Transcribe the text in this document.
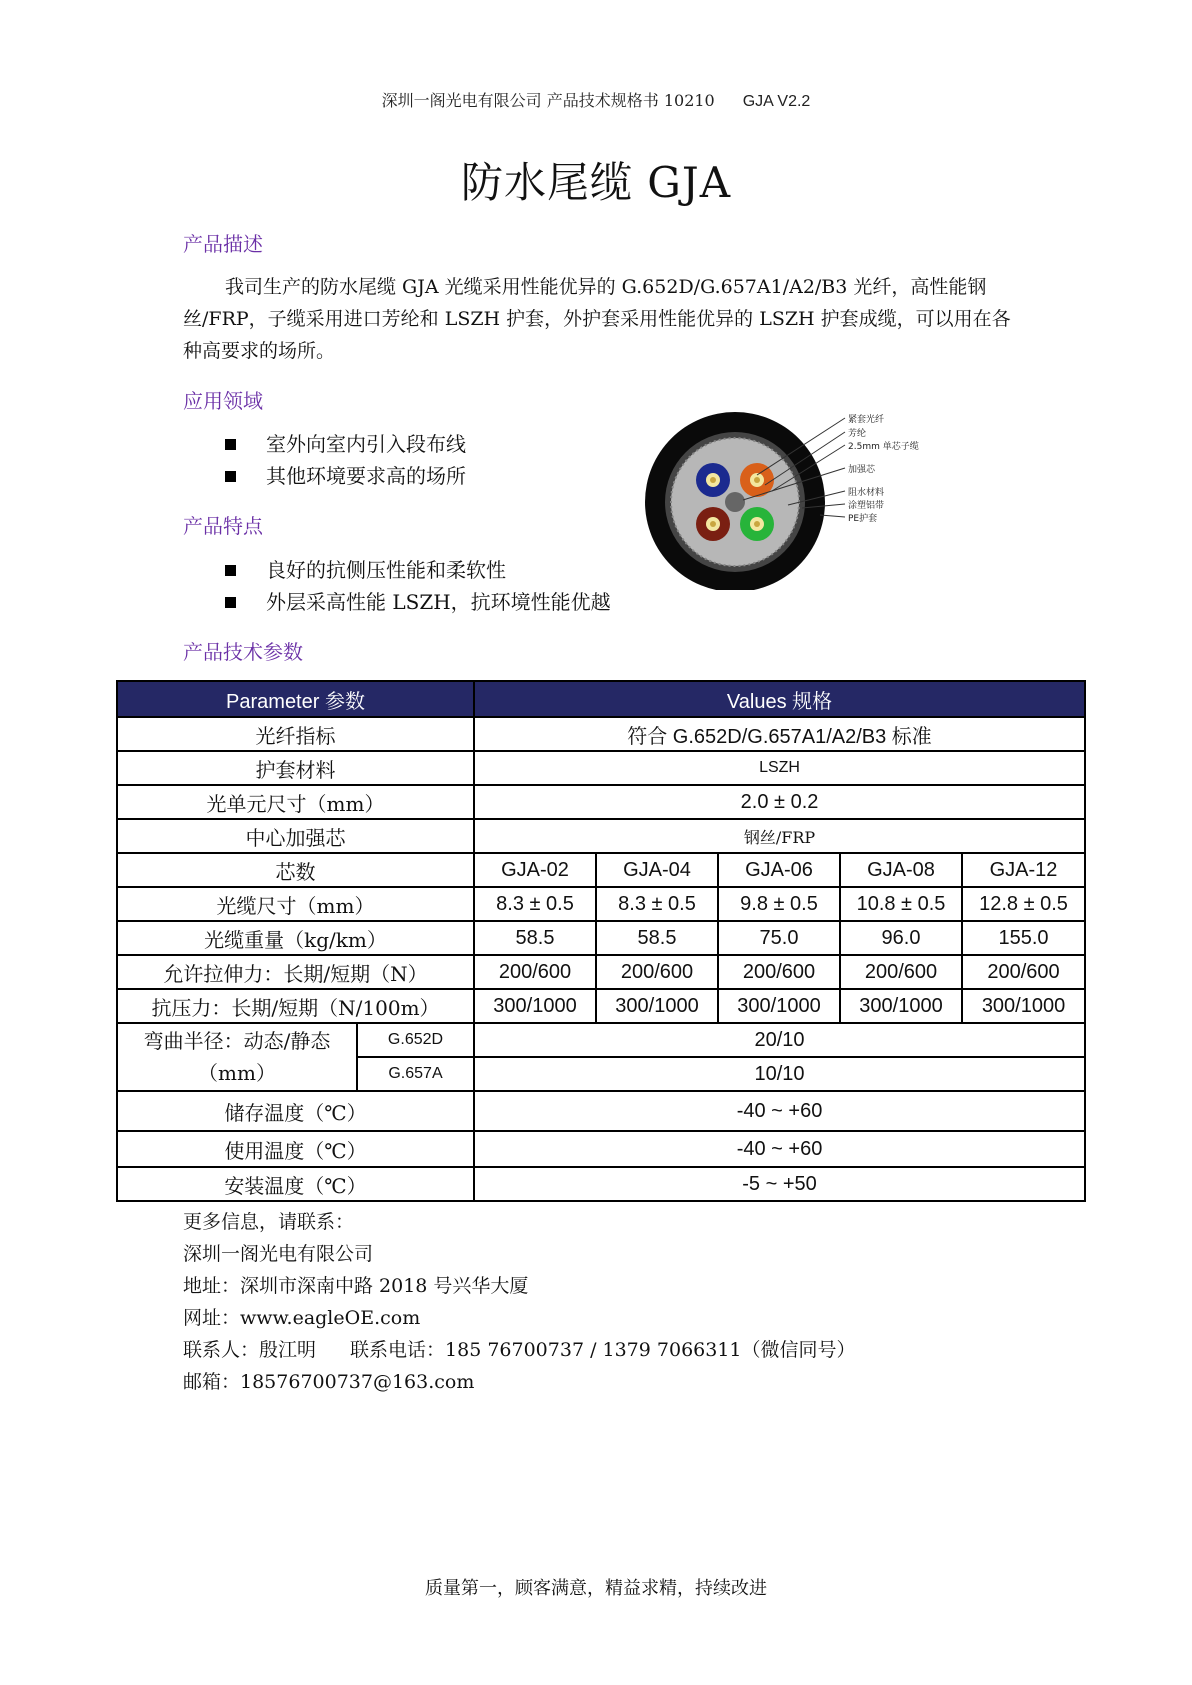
深圳一阁光电有限公司 产品技术规格书 10210 GJA V2.2
防水尾缆 GJA
产品描述
我司生产的防水尾缆 GJA 光缆采用性能优异的 G.652D/G.657A1/A2/B3 光纤，高性能钢丝/FRP，子缆采用进口芳纶和 LSZH 护套，外护套采用性能优异的 LSZH 护套成缆，可以用在各种高要求的场所。
应用领域
室外向室内引入段布线
其他环境要求高的场所
产品特点
良好的抗侧压性能和柔软性
外层采高性能 LSZH，抗环境性能优越
紧套光纤
芳纶
2.5mm 单芯子缆
加强芯
阻水材料
涂塑铝带
PE护套
产品技术参数
Parameter 参数		Values 规格				
光纤指标		符合 G.652D/G.657A1/A2/B3 标准				
护套材料		LSZH				
光单元尺寸（mm）		2.0 ± 0.2				
中心加强芯		钢丝/FRP				
芯数		GJA-02	GJA-04	GJA-06	GJA-08	GJA-12
光缆尺寸（mm）		8.3 ± 0.5	8.3 ± 0.5	9.8 ± 0.5	10.8 ± 0.5	12.8 ± 0.5
光缆重量（kg/km）		58.5	58.5	75.0	96.0	155.0
允许拉伸力：长期/短期（N）		200/600	200/600	200/600	200/600	200/600
抗压力：长期/短期（N/100m）		300/1000	300/1000	300/1000	300/1000	300/1000

弯曲半径：动态/静态
（mm）	G.652D	20/10				
	G.657A	10/10				
储存温度（℃）		-40 ~ +60				
使用温度（℃）		-40 ~ +60				
安装温度（℃）		-5 ~ +50				
更多信息，请联系：
深圳一阁光电有限公司
地址：深圳市深南中路 2018 号兴华大厦
网址：www.eagleOE.com
联系人：殷江明 联系电话：185 76700737 / 1379 7066311（微信同号）
邮箱：18576700737@163.com
质量第一，顾客满意，精益求精，持续改进
